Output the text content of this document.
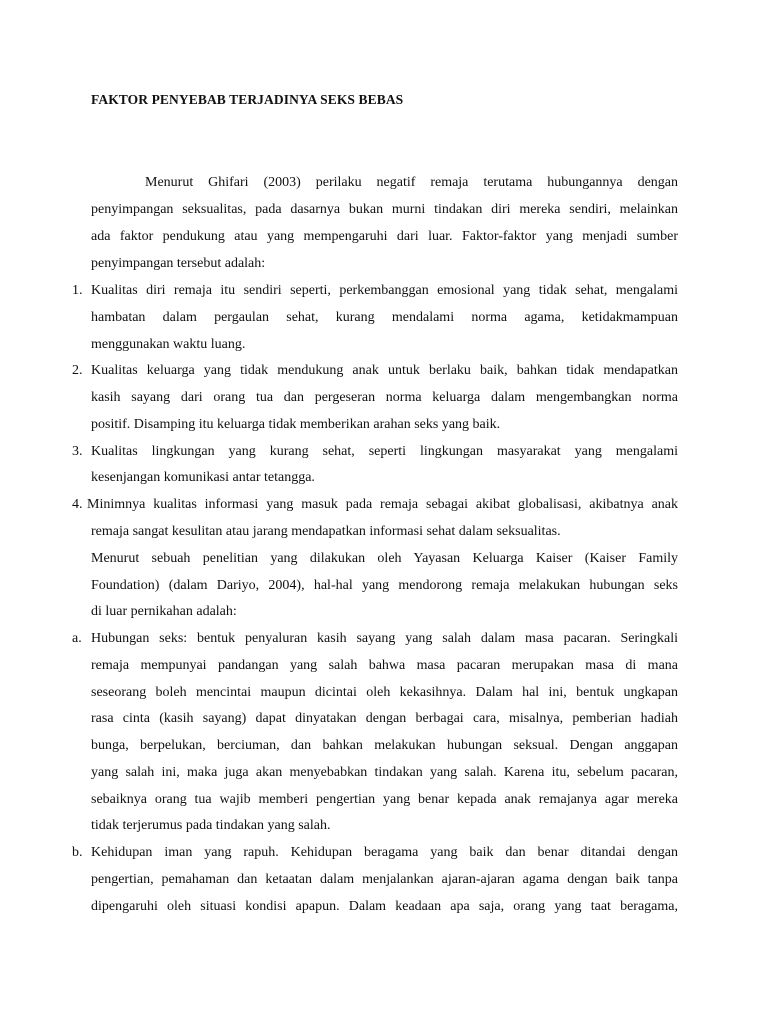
FAKTOR PENYEBAB TERJADINYA SEKS BEBAS
Menurut Ghifari (2003) perilaku negatif remaja terutama hubungannya dengan
penyimpangan seksualitas, pada dasarnya bukan murni tindakan diri mereka sendiri, melainkan
ada faktor pendukung atau yang mempengaruhi dari luar. Faktor-faktor yang menjadi sumber
penyimpangan tersebut adalah:
1. Kualitas diri remaja itu sendiri seperti, perkembanggan emosional yang tidak sehat, mengalami
hambatan dalam pergaulan sehat, kurang mendalami norma agama, ketidakmampuan
menggunakan waktu luang.
2. Kualitas keluarga yang tidak mendukung anak untuk berlaku baik, bahkan tidak mendapatkan
kasih sayang dari orang tua dan pergeseran norma keluarga dalam mengembangkan norma
positif. Disamping itu keluarga tidak memberikan arahan seks yang baik.
3. Kualitas lingkungan yang kurang sehat, seperti lingkungan masyarakat yang mengalami
kesenjangan komunikasi antar tetangga.
4. Minimnya kualitas informasi yang masuk pada remaja sebagai akibat globalisasi, akibatnya anak
remaja sangat kesulitan atau jarang mendapatkan informasi sehat dalam seksualitas.
Menurut sebuah penelitian yang dilakukan oleh Yayasan Keluarga Kaiser (Kaiser Family
Foundation) (dalam Dariyo, 2004), hal-hal yang mendorong remaja melakukan hubungan seks
di luar pernikahan adalah:
a. Hubungan seks: bentuk penyaluran kasih sayang yang salah dalam masa pacaran. Seringkali
remaja mempunyai pandangan yang salah bahwa masa pacaran merupakan masa di mana
seseorang boleh mencintai maupun dicintai oleh kekasihnya. Dalam hal ini, bentuk ungkapan
rasa cinta (kasih sayang) dapat dinyatakan dengan berbagai cara, misalnya, pemberian hadiah
bunga, berpelukan, berciuman, dan bahkan melakukan hubungan seksual. Dengan anggapan
yang salah ini, maka juga akan menyebabkan tindakan yang salah. Karena itu, sebelum pacaran,
sebaiknya orang tua wajib memberi pengertian yang benar kepada anak remajanya agar mereka
tidak terjerumus pada tindakan yang salah.
b. Kehidupan iman yang rapuh. Kehidupan beragama yang baik dan benar ditandai dengan
pengertian, pemahaman dan ketaatan dalam menjalankan ajaran-ajaran agama dengan baik tanpa
dipengaruhi oleh situasi kondisi apapun. Dalam keadaan apa saja, orang yang taat beragama,
